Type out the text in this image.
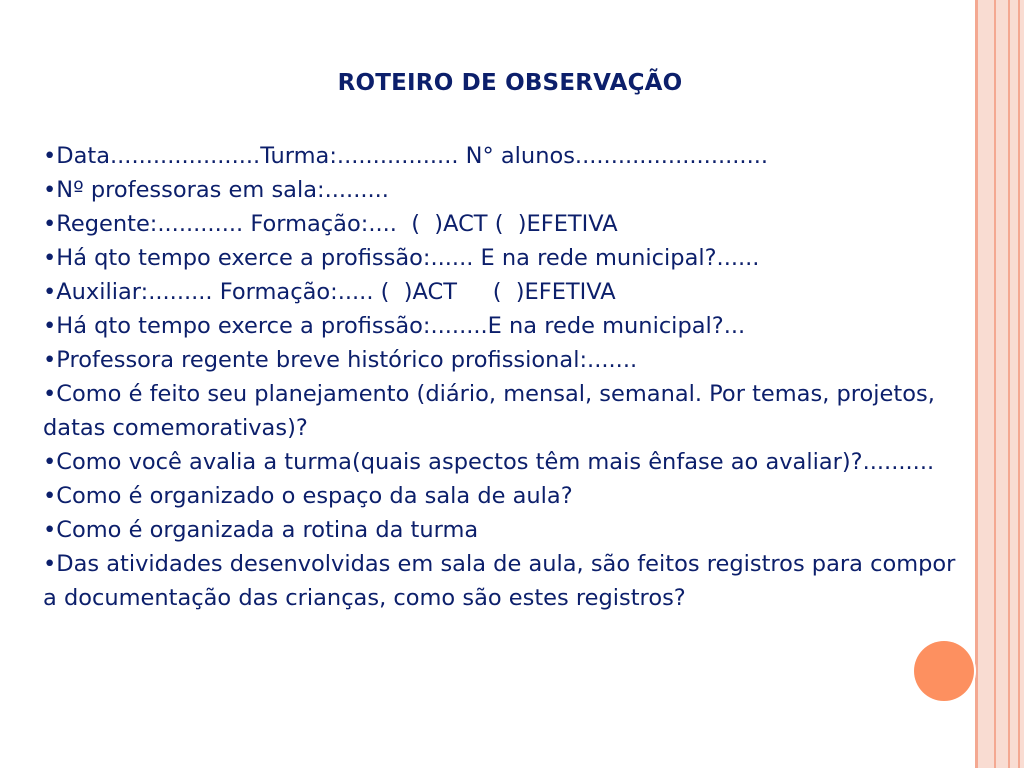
ROTEIRO DE OBSERVAÇÃO
•Data.....................Turma:................. N° alunos...........................
•Nº professoras em sala:.........
•Regente:............ Formação:....  (  )ACT (  )EFETIVA
•Há qto tempo exerce a profissão:...... E na rede municipal?......
•Auxiliar:......... Formação:..... (  )ACT     (  )EFETIVA
•Há qto tempo exerce a profissão:........E na rede municipal?...
•Professora regente breve histórico profissional:.......
•Como é feito seu planejamento (diário, mensal, semanal. Por temas, projetos, datas comemorativas)?
•Como você avalia a turma(quais aspectos têm mais ênfase ao avaliar)?..........
•Como é organizado o espaço da sala de aula?
•Como é organizada a rotina da turma
•Das atividades desenvolvidas em sala de aula, são feitos registros para compor a documentação das crianças, como são estes registros?
